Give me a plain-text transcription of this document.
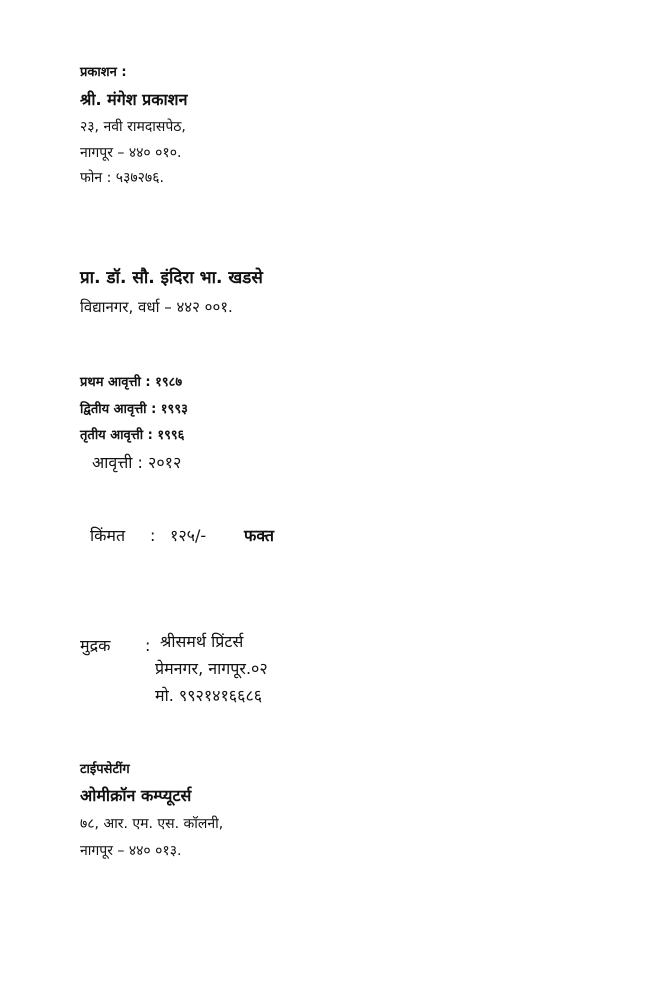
प्रकाशन :
श्री. मंगेश प्रकाशन
२३, नवी रामदासपेठ,
नागपूर – ४४० ०१०.
फोन : ५३७२७६.
प्रा. डॉ. सौ. इंदिरा भा. खडसे
विद्यानगर, वर्धा – ४४२ ००१.
प्रथम आवृत्ती : १९८७
द्वितीय आवृत्ती : १९९३
तृतीय आवृत्ती : १९९६
आवृत्ती : २०१२
किंमत : १२५/- फक्त
मुद्रक : श्रीसमर्थ प्रिंटर्स
प्रेमनगर, नागपूर.०२
मो. ९९२१४१६६८६
टाईपसेटींग
ओमीक्रॉन कम्प्यूटर्स
७८, आर. एम. एस. कॉलनी,
नागपूर – ४४० ०१३.
